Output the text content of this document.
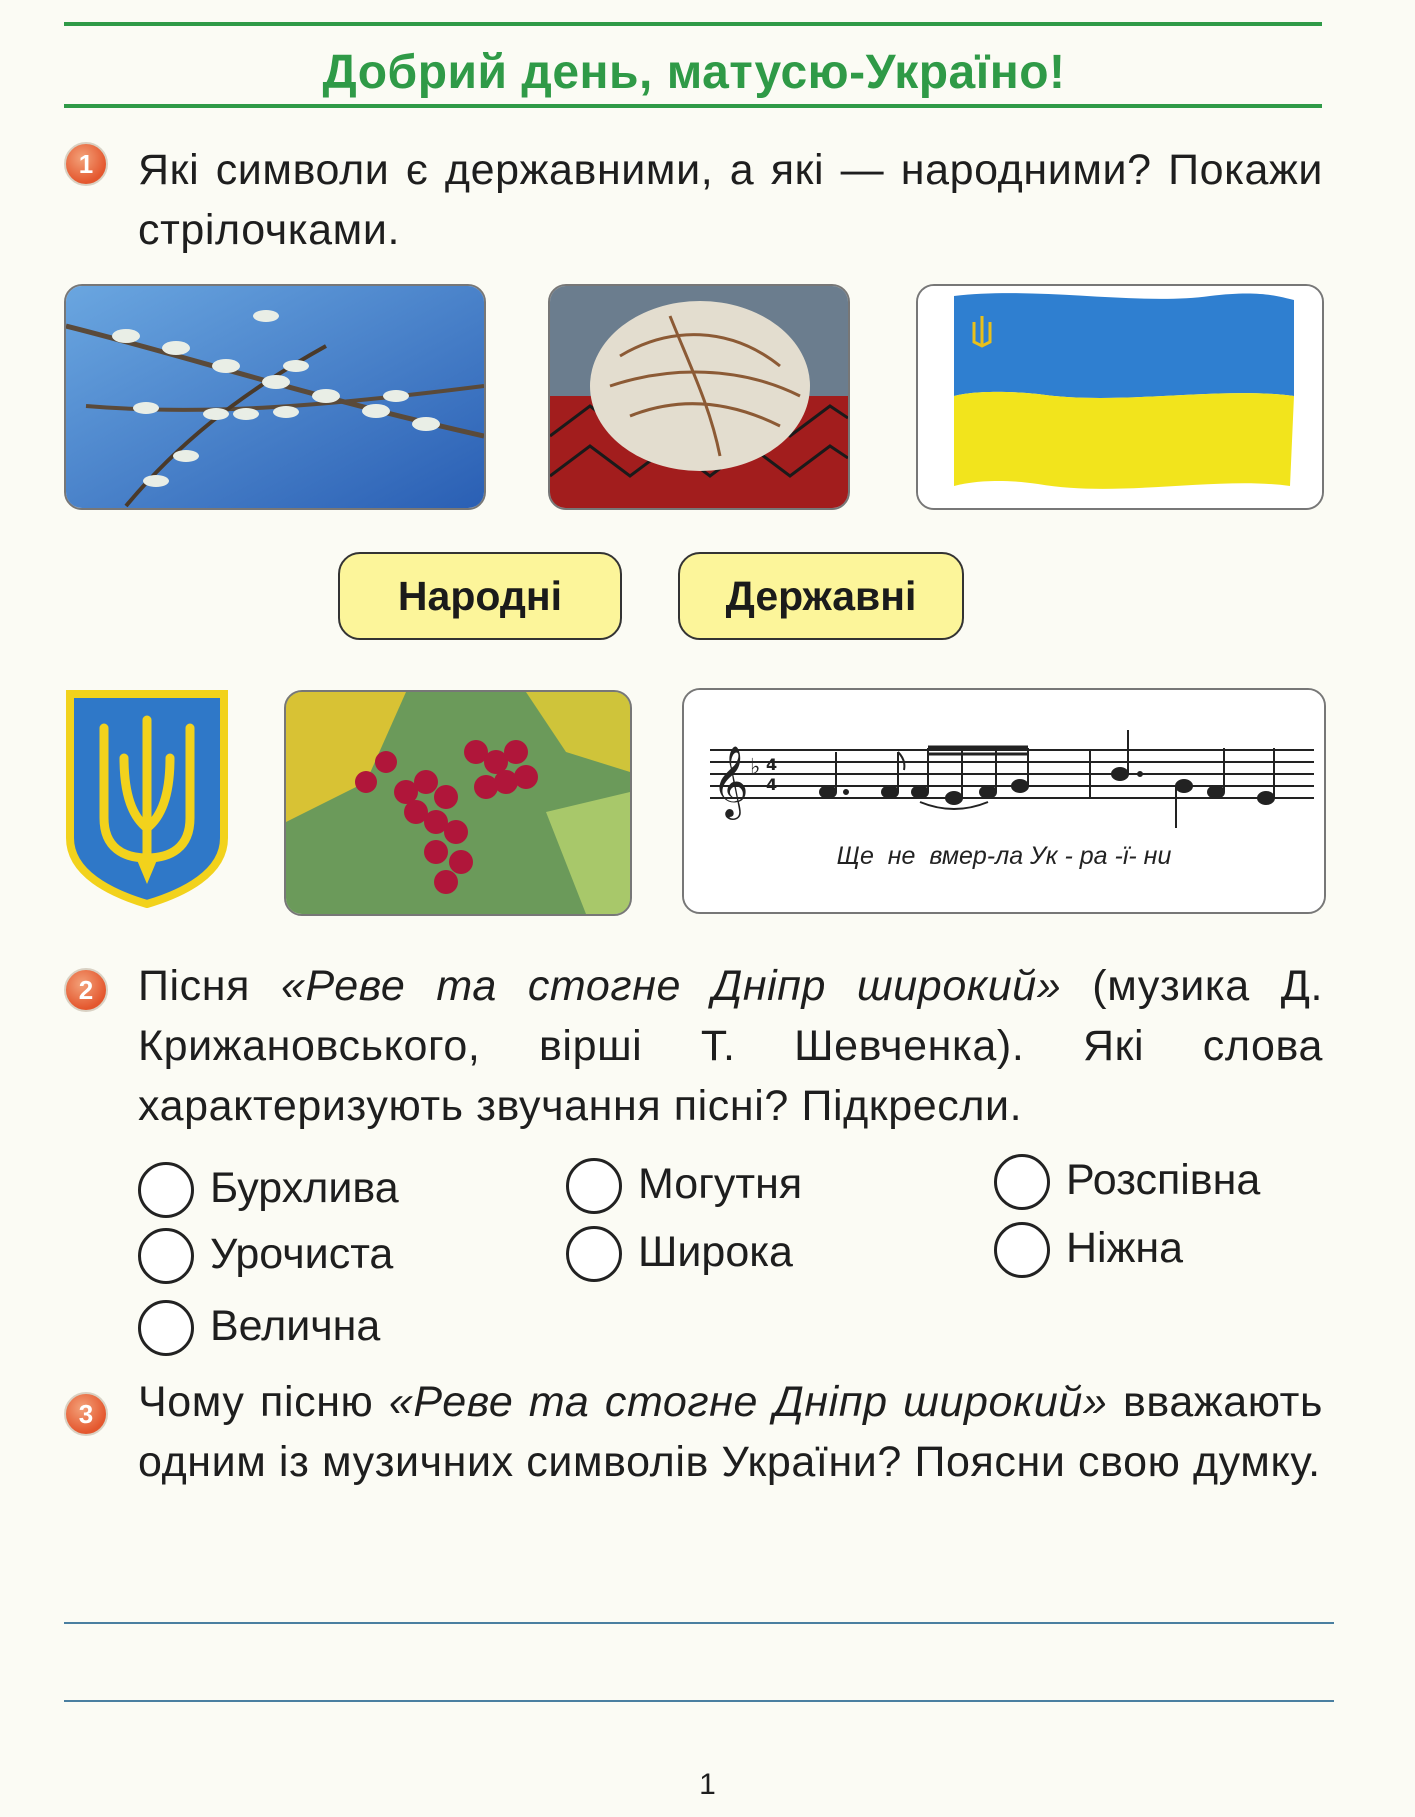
Добрий день, матусю-Україно!
1	Які символи є державними, а які — народними? Покажи стрілочками.
Народні	Державні
𝄞 ♭ 4
4
Ще  не  вмер-ла Ук - ра -ї- ни
2	Пісня «Реве та стогне Дніпр широкий» (музика Д. Крижановського, вірші Т. Шевченка). Які слова характеризують звучання пісні? Підкресли.
Бурхлива
Урочиста
Величнa
Могутня
Широка
Розспівна
Ніжна
3	Чому пісню «Реве та стогне Дніпр широкий» вважають одним із музичних символів України? Поясни свою думку.
1
